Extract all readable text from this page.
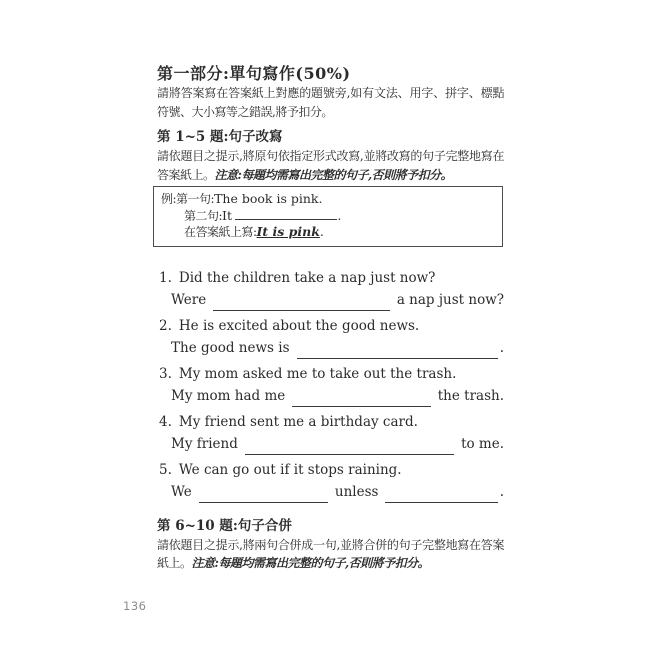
第一部分:單句寫作(50%)

請將答案寫在答案紙上對應的題號旁,如有文法、用字、拼字、標點符號、大小寫等之錯誤,將予扣分。

第 1~5 題:句子改寫

請依題目之提示,將原句依指定形式改寫,並將改寫的句子完整地寫在答案紙上。注意:每題均需寫出完整的句子,否則將予扣分。

例:第一句:The book is pink.
第二句:It	.
在答案紙上寫:It is pink.
1. Did the children take a nap just now?
Were	a nap just now?
2. He is excited about the good news.
The good news is	.
3. My mom asked me to take out the trash.
My mom had me	the trash.
4. My friend sent me a birthday card.
My friend	to me.
5. We can go out if it stops raining.
We	unless	.
第 6~10 題:句子合併

請依題目之提示,將兩句合併成一句,並將合併的句子完整地寫在答案紙上。注意:每題均需寫出完整的句子,否則將予扣分。

136
